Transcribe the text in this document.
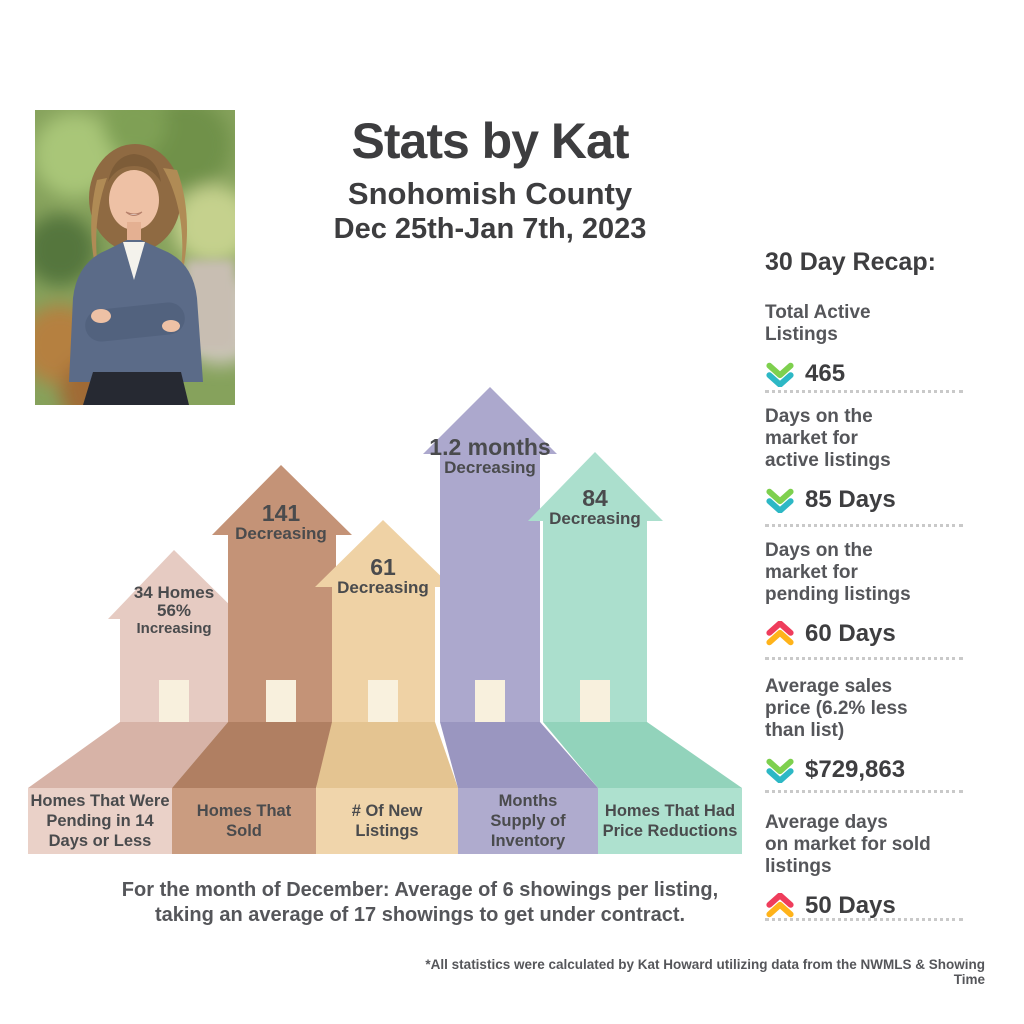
Stats by Kat
Snohomish County
Dec 25th-Jan 7th, 2023
34 Homes
56%
Increasing
141
Decreasing
61
Decreasing
1.2 months
Decreasing
84
Decreasing
Homes That Were
Pending in 14
Days or Less
Homes That
Sold
# Of New
Listings
Months
Supply of
Inventory
Homes That Had
Price Reductions
For the month of December: Average of 6 showings per listing,
taking an average of 17 showings to get under contract.
*All statistics were calculated by Kat Howard utilizing data from the NWMLS & Showing Time
30 Day Recap:
Total Active
Listings
465
Days on the
market for
active listings
85 Days
Days on the
market for
pending listings
60 Days
Average sales
price (6.2% less
than list)
$729,863
Average days
on market for sold
listings
50 Days
